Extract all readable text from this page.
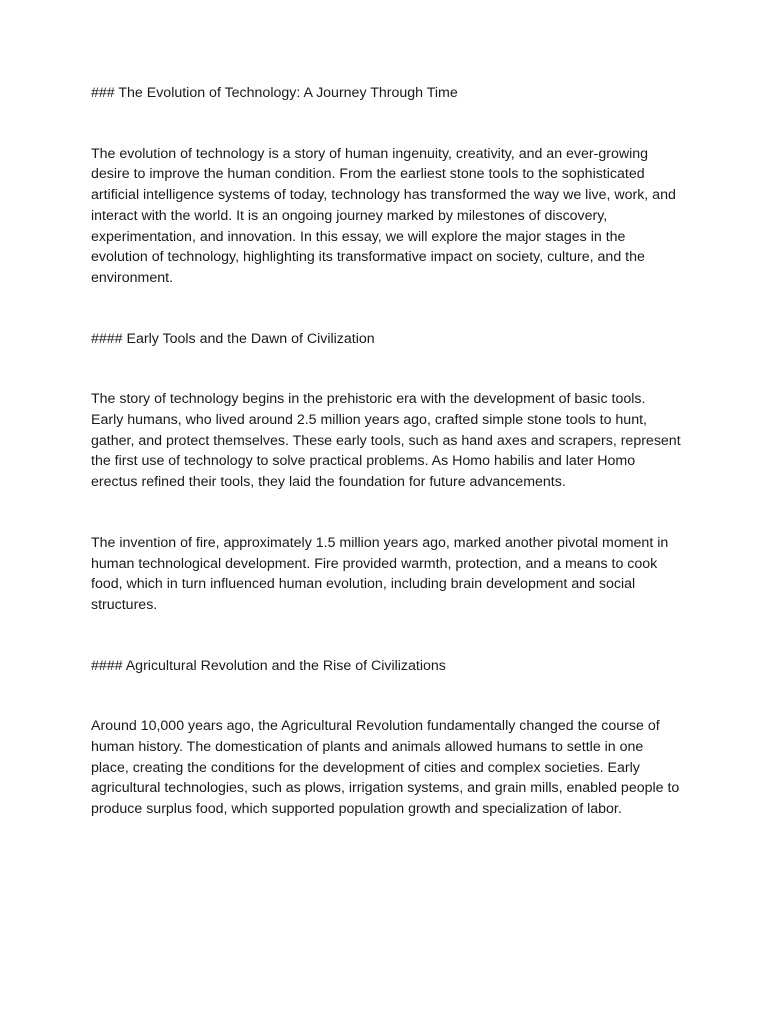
### The Evolution of Technology: A Journey Through Time

The evolution of technology is a story of human ingenuity, creativity, and an ever-growing desire to improve the human condition. From the earliest stone tools to the sophisticated artificial intelligence systems of today, technology has transformed the way we live, work, and interact with the world. It is an ongoing journey marked by milestones of discovery, experimentation, and innovation. In this essay, we will explore the major stages in the evolution of technology, highlighting its transformative impact on society, culture, and the environment.

#### Early Tools and the Dawn of Civilization

The story of technology begins in the prehistoric era with the development of basic tools. Early humans, who lived around 2.5 million years ago, crafted simple stone tools to hunt, gather, and protect themselves. These early tools, such as hand axes and scrapers, represent the first use of technology to solve practical problems. As Homo habilis and later Homo erectus refined their tools, they laid the foundation for future advancements.

The invention of fire, approximately 1.5 million years ago, marked another pivotal moment in human technological development. Fire provided warmth, protection, and a means to cook food, which in turn influenced human evolution, including brain development and social structures.

#### Agricultural Revolution and the Rise of Civilizations

Around 10,000 years ago, the Agricultural Revolution fundamentally changed the course of human history. The domestication of plants and animals allowed humans to settle in one place, creating the conditions for the development of cities and complex societies. Early agricultural technologies, such as plows, irrigation systems, and grain mills, enabled people to produce surplus food, which supported population growth and specialization of labor.
